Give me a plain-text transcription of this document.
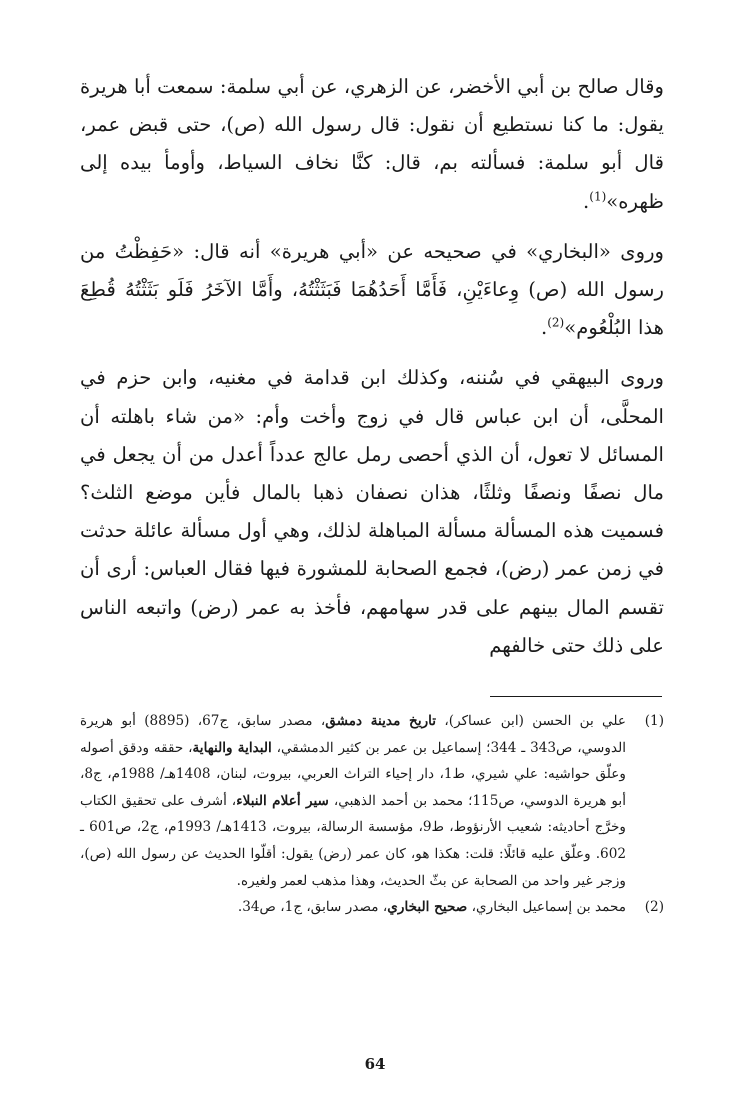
وقال صالح بن أبي الأخضر، عن الزهري، عن أبي سلمة: سمعت أبا هريرة يقول: ما كنا نستطيع أن نقول: قال رسول الله (ص)، حتى قبض عمر، قال أبو سلمة: فسألته بم، قال: كنَّا نخاف السياط، وأومأ بيده إلى ظهره»$^{(1)}$.

وروى «البخاري» في صحيحه عن «أبي هريرة» أنه قال: «حَفِظْتُ من رسول الله (ص) وِعاءَيْنِ، فَأَمَّا أَحَدُهُمَا فَبَثَثْتُهُ، وأَمَّا الآخَرُ فَلَو بَثَثْتُهُ قُطِعَ هذا البُلْعُوم»$^{(2)}$.

وروى البيهقي في سُننه، وكذلك ابن قدامة في مغنيه، وابن حزم في المحلَّى، أن ابن عباس قال في زوج وأخت وأم: «من شاء باهلته أن المسائل لا تعول، أن الذي أحصى رمل عالج عدداً أعدل من أن يجعل في مال نصفًا ونصفًا وثلثًا، هذان نصفان ذهبا بالمال فأين موضع الثلث؟ فسميت هذه المسألة مسألة المباهلة لذلك، وهي أول مسألة عائلة حدثت في زمن عمر (رض)، فجمع الصحابة للمشورة فيها فقال العباس: أرى أن تقسم المال بينهم على قدر سهامهم، فأخذ به عمر (رض) واتبعه الناس على ذلك حتى خالفهم

(1)
علي بن الحسن (ابن عساكر)، تاريخ مدينة دمشق، مصدر سابق، ج67، (8895) أبو هريرة الدوسي، ص343 ـ 344؛ إسماعيل بن عمر بن كثير الدمشقي، البداية والنهاية، حققه ودقق أصوله وعلّق حواشيه: علي شيري، ط1، دار إحياء التراث العربي، بيروت، لبنان، 1408هـ/ 1988م، ج8، أبو هريرة الدوسي، ص115؛ محمد بن أحمد الذهبي، سير أعلام النبلاء، أشرف على تحقيق الكتاب وخرَّج أحاديثه: شعيب الأرنؤوط، ط9، مؤسسة الرسالة، بيروت، 1413هـ/ 1993م، ج2، ص601 ـ 602. وعلّق عليه قائلًا: قلت: هكذا هو، كان عمر (رض) يقول: أقلّوا الحديث عن رسول الله (ص)، وزجر غير واحد من الصحابة عن بثّ الحديث، وهذا مذهب لعمر ولغيره.
(2)
محمد بن إسماعيل البخاري، صحيح البخاري، مصدر سابق، ج1، ص34.
64
